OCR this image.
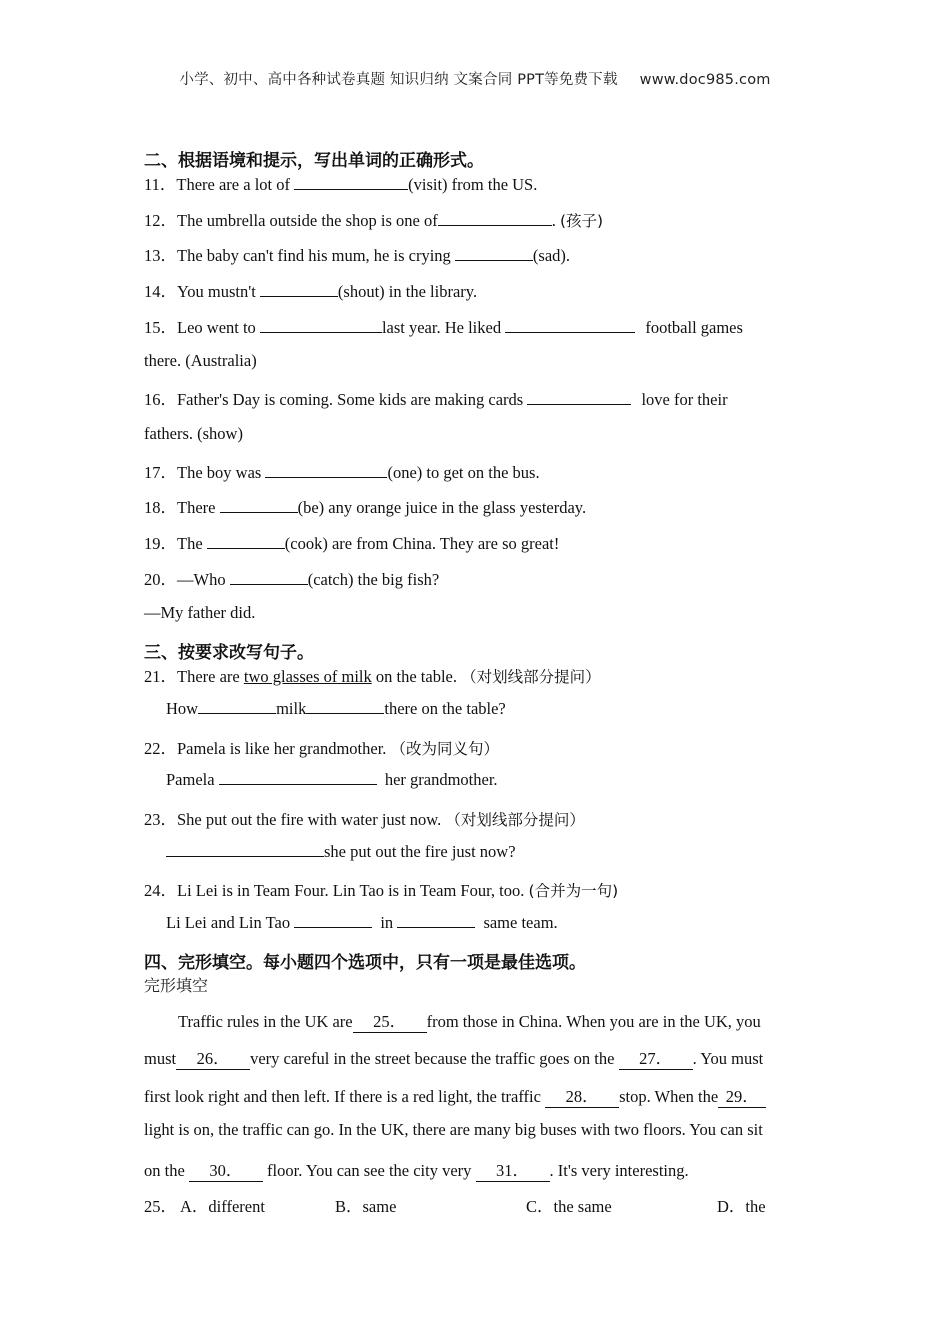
小学、初中、高中各种试卷真题 知识归纳 文案合同 PPT等免费下载 www.doc985.com
二、根据语境和提示，写出单词的正确形式。
11．There are a lot of	(visit) from the US.
12．The umbrella outside the shop is one of	. (孩子)
13．The baby can't find his mum, he is crying	(sad).
14．You mustn't	(shout) in the library.
15．Leo went to	last year. He liked	football games
there. (Australia)
16．Father's Day is coming. Some kids are making cards	love for their
fathers. (show)
17．The boy was	(one) to get on the bus.
18．There	(be) any orange juice in the glass yesterday.
19．The	(cook) are from China. They are so great!
20．—Who	(catch) the big fish?
—My father did.
三、按要求改写句子。
21．There are two glasses of milk on the table. （对划线部分提问）
How	milk	there on the table?
22．Pamela is like her grandmother. （改为同义句）
Pamela	her grandmother.
23．She put out the fire with water just now. （对划线部分提问）
she put out the fire just now?
24．Li Lei is in Team Four. Lin Tao is in Team Four, too. (合并为一句)
Li Lei and Lin Tao	in	same team.
四、完形填空。每小题四个选项中，只有一项是最佳选项。
完形填空
Traffic rules in the UK are 25． from those in China. When you are in the UK, you
must 26． very careful in the street because the traffic goes on the 27． . You must
first look right and then left. If there is a red light, the traffic 28． stop. When the 29．
light is on, the traffic can go. In the UK, there are many big buses with two floors. You can sit
on the 30． floor. You can see the city very 31． . It's very interesting.
25． A．different	B．same	C．the same	D．the
